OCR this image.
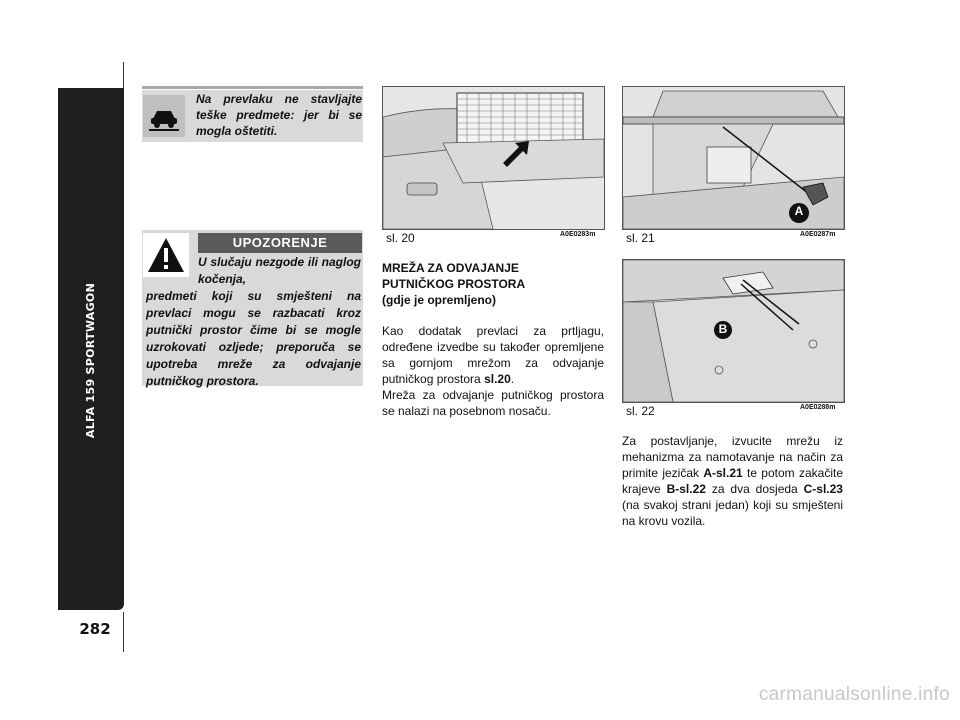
ALFA 159 SPORTWAGON
282
Na prevlaku ne stavljajte teške predmete: jer bi se mogla oštetiti.
UPOZORENJE
U slučaju nezgode ili naglog kočenja,
predmeti koji su smješteni na prevlaci mogu se razbacati kroz putnički prostor čime bi se mogle uzrokovati ozljede; preporuča se upotreba mreže za odvajanje putničkog prostora.
sl. 20	A0E0283m
A
sl. 21	A0E0287m
B
sl. 22	A0E0288m
MREŽA ZA ODVAJANJE
PUTNIČKOG PROSTORA
(gdje je opremljeno)
Kao dodatak prevlaci za prtljagu, određene izvedbe su također opremljene sa gornjom mrežom za odvajanje putničkog prostora sl.20.
Mreža za odvajanje putničkog prostora se nalazi na posebnom nosaču.
Za postavljanje, izvucite mrežu iz mehanizma za namotavanje na način za primite jezičak A-sl.21 te potom zakačite krajeve B-sl.22 za dva dosjeda C-sl.23 (na svakoj strani jedan) koji su smješteni na krovu vozila.
carmanualsonline.info
